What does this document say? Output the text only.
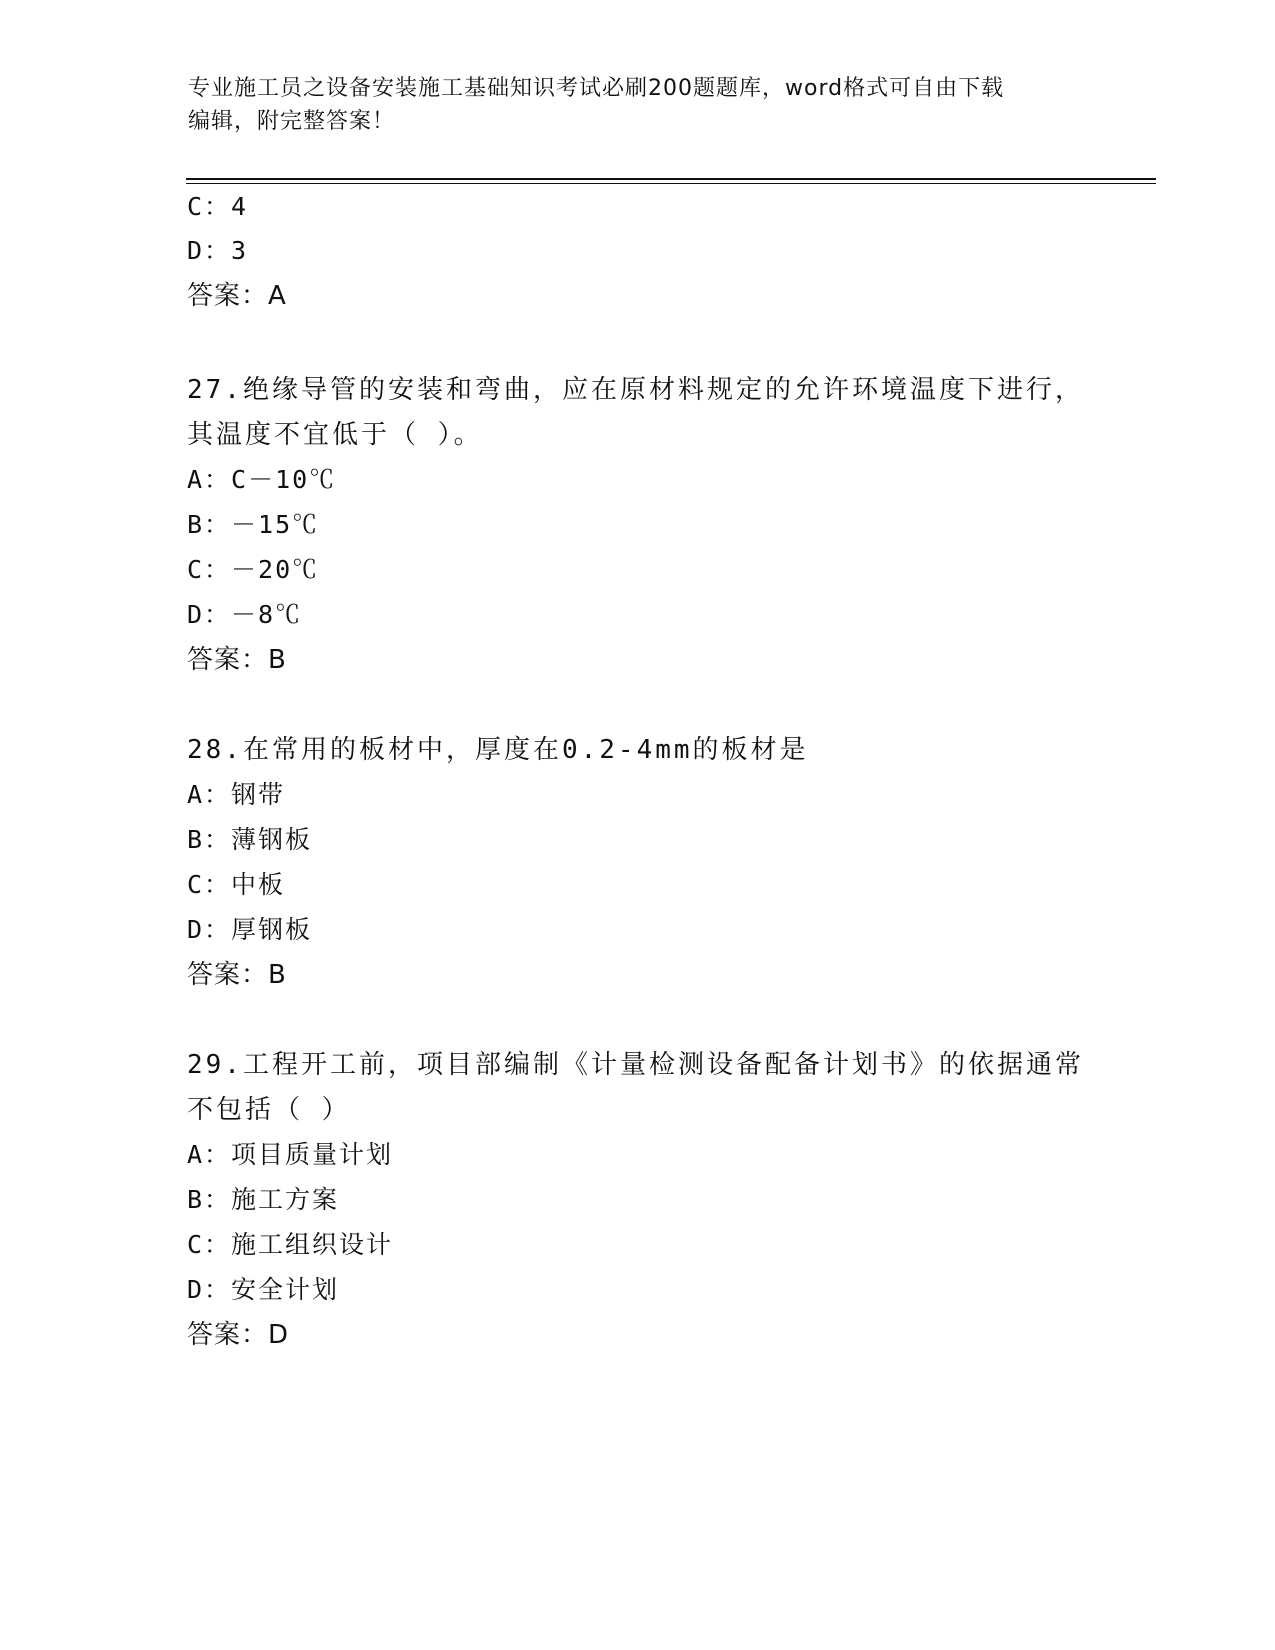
专业施工员之设备安装施工基础知识考试必刷200题题库，word格式可自由下载
编辑，附完整答案！
C：4
D：3
答案：A
27.绝缘导管的安装和弯曲，应在原材料规定的允许环境温度下进行，
其温度不宜低于（ ）。
A：C－10℃
B：－15℃
C：－20℃
D：－8℃
答案：B
28.在常用的板材中，厚度在0.2-4mm的板材是
A：钢带
B：薄钢板
C：中板
D：厚钢板
答案：B
29.工程开工前，项目部编制《计量检测设备配备计划书》的依据通常
不包括（ ）
A：项目质量计划
B：施工方案
C：施工组织设计
D：安全计划
答案：D
